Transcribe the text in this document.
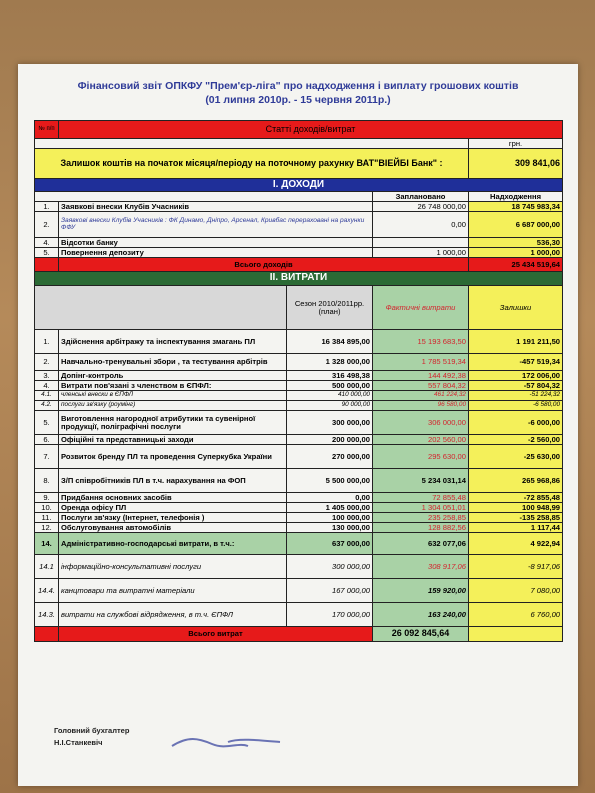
Фінансовий звіт ОПКФУ "Прем'єр-ліга" про надходження і виплату грошових коштів
(01 липня 2010р. - 15 червня 2011р.)
№ п/п	Статті доходів/витрат			
				грн.
Залишок коштів на початок місяця/періоду на поточному рахунку ВАТ"ВІЕЙБІ Банк" :				309 841,06
І. ДОХОДИ				
			Заплановано	Надходження
1.	Заявкові внески Клубів Учасників		26 748 000,00	18 745 983,34
2.	Заявкові внески Клубів Учасників : ФК Динамо, Дніпро, Арсенал, Кривбас перераховані на рахунки ФФУ		0,00	6 687 000,00
4.	Відсотки банку			536,30
5.	Повернення депозиту		1 000,00	1 000,00
	Всього доходів			25 434 519,64
II. ВИТРАТИ				
		Сезон 2010/2011рр. (план)	Фактичні витрати	Залишки
1.	Здійснення арбітражу та інспектування змагань ПЛ	16 384 895,00	15 193 683,50	1 191 211,50
2.	Навчально-тренувальні збори , та тестування арбітрів	1 328 000,00	1 785 519,34	-457 519,34
3.	Допінг-контроль	316 498,38	144 492,38	172 006,00
4.	Витрати пов'язані з членством в ЄПФЛ:	500 000,00	557 804,32	-57 804,32
4.1.	членські внески в ЄПФЛ	410 000,00	461 224,32	-51 224,32
4.2.	послуги зв'язку (роумінг)	90 000,00	96 580,00	-6 580,00
5.	Виготовлення нагородної атрибутики та сувенірної продукції, поліграфічні послуги	300 000,00	306 000,00	-6 000,00
6.	Офіційні та представницькі заходи	200 000,00	202 560,00	-2 560,00
7.	Розвиток бренду ПЛ та проведення Суперкубка України	270 000,00	295 630,00	-25 630,00
8.	З/П співробітників ПЛ в т.ч. нарахування на ФОП	5 500 000,00	5 234 031,14	265 968,86
9.	Придбання основних засобів	0,00	72 855,48	-72 855,48
10.	Оренда офісу ПЛ	1 405 000,00	1 304 051,01	100 948,99
11.	Послуги зв'язку (Інтернет, телефонія )	100 000,00	235 258,85	-135 258,85
12.	Обслуговування автомобілів	130 000,00	128 882,56	1 117,44
14.	Адміністративно-господарські витрати, в т.ч.:	637 000,00	632 077,06	4 922,94
14.1	інформаційно-консультативні послуги	300 000,00	308 917,06	-8 917,06
14.4.	канцтовари та витратні матеріали	167 000,00	159 920,00	7 080,00
14.3.	витрати на службові відрядження, в т.ч. ЄПФЛ	170 000,00	163 240,00	6 760,00
	Всього витрат		26 092 845,64	
Головний бухгалтер
Н.І.Станкевіч
